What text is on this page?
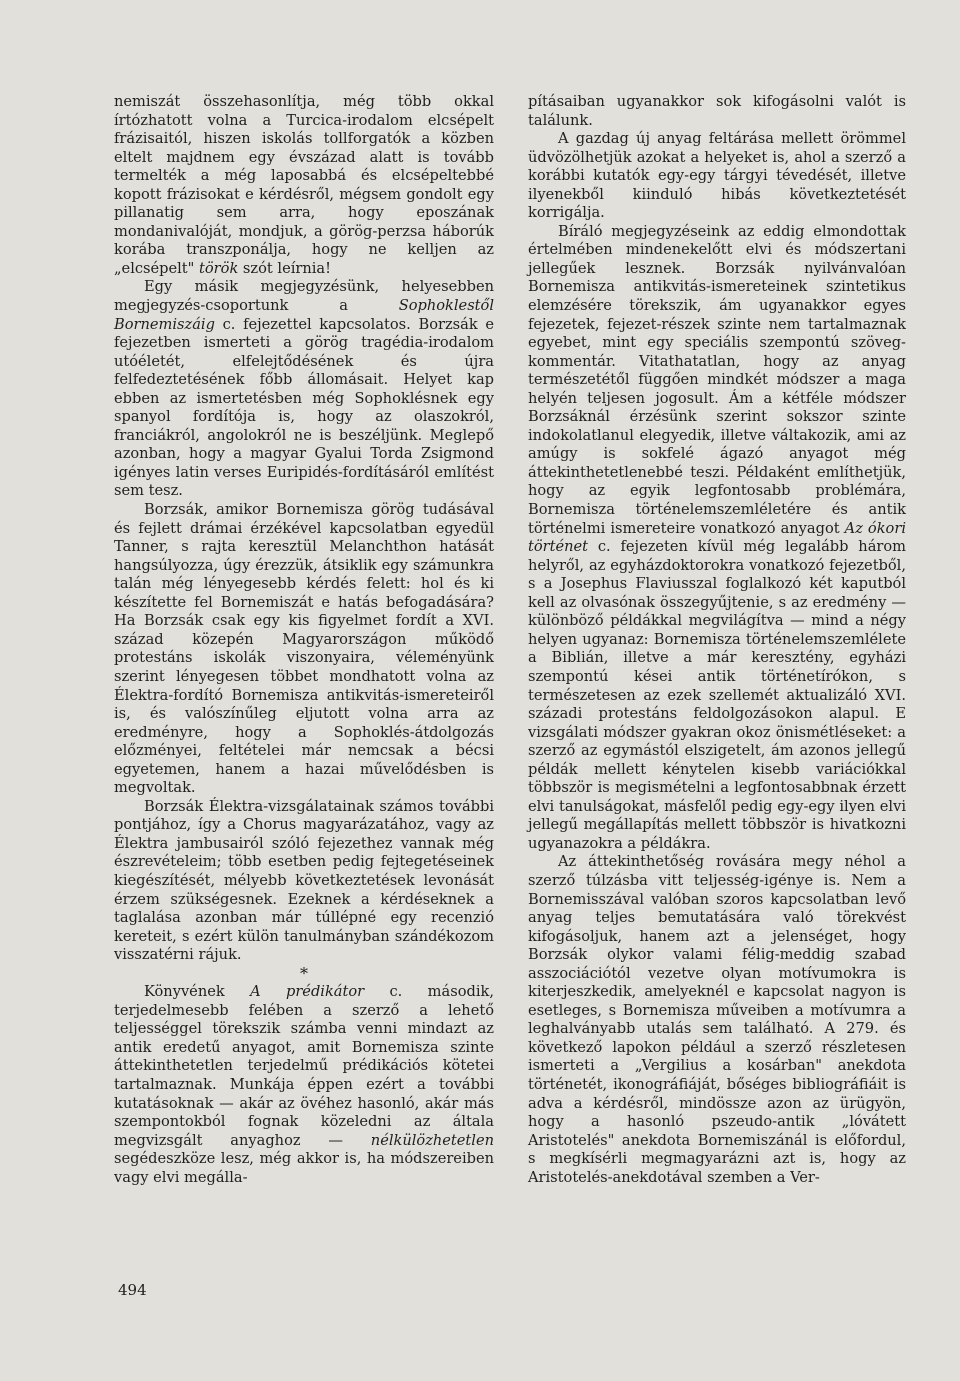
nemiszát összehasonlítja, még több okkal írtózhatott volna a Turcica-irodalom elcsépelt frázisaitól, hiszen iskolás tollforgatók a közben eltelt majdnem egy évszázad alatt is tovább termelték a még laposabbá és elcsépeltebbé kopott frázisokat e kérdésről, mégsem gondolt egy pillanatig sem arra, hogy eposzának mondanivalóját, mondjuk, a görög-perzsa háborúk korába transzponálja, hogy ne kelljen az „elcsépelt" török szót leírnia!

Egy másik megjegyzésünk, helyesebben megjegyzés-csoportunk a Sophoklestől Bornemiszáig c. fejezettel kapcsolatos. Borzsák e fejezetben ismerteti a görög tragédia-irodalom utóéletét, elfelejtődésének és újra felfedeztetésének főbb állomásait. Helyet kap ebben az ismertetésben még Sophoklésnek egy spanyol fordítója is, hogy az olaszokról, franciákról, angolokról ne is beszéljünk. Meglepő azonban, hogy a magyar Gyalui Torda Zsigmond igényes latin verses Euripidés-fordításáról említést sem tesz.

Borzsák, amikor Bornemisza görög tudásával és fejlett drámai érzékével kapcsolatban egyedül Tanner, s rajta keresztül Melanchthon hatását hangsúlyozza, úgy érezzük, átsiklik egy számunkra talán még lényegesebb kérdés felett: hol és ki készítette fel Bornemiszát e hatás befogadására? Ha Borzsák csak egy kis figyelmet fordít a XVI. század közepén Magyarországon működő protestáns iskolák viszonyaira, véleményünk szerint lényegesen többet mondhatott volna az Élektra-fordító Bornemisza antikvitás-ismereteiről is, és valószínűleg eljutott volna arra az eredményre, hogy a Sophoklés-átdolgozás előzményei, feltételei már nemcsak a bécsi egyetemen, hanem a hazai művelődésben is megvoltak.

Borzsák Élektra-vizsgálatainak számos további pontjához, így a Chorus magyarázatához, vagy az Élektra jambusairól szóló fejezethez vannak még észrevételeim; több esetben pedig fejtegetéseinek kiegészítését, mélyebb következtetések levonását érzem szükségesnek. Ezeknek a kérdéseknek a taglalása azonban már túllépné egy recenzió kereteit, s ezért külön tanulmányban szándékozom visszatérni rájuk.

*

Könyvének A prédikátor c. második, terjedelmesebb felében a szerző a lehető teljességgel törekszik számba venni mindazt az antik eredetű anyagot, amit Bornemisza szinte áttekinthetetlen terjedelmű prédikációs kötetei tartalmaznak. Munkája éppen ezért a további kutatásoknak — akár az övéhez hasonló, akár más szempontokból fognak közeledni az általa megvizsgált anyaghoz — nélkülözhetetlen segédeszköze lesz, még akkor is, ha módszereiben vagy elvi megálla-

pításaiban ugyanakkor sok kifogásolni valót is találunk.

A gazdag új anyag feltárása mellett örömmel üdvözölhetjük azokat a helyeket is, ahol a szerző a korábbi kutatók egy-egy tárgyi tévedését, illetve ilyenekből kiinduló hibás következtetését korrigálja.

Bíráló megjegyzéseink az eddig elmondottak értelmében mindenekelőtt elvi és módszertani jellegűek lesznek. Borzsák nyilvánvalóan Bornemisza antikvitás-ismereteinek szintetikus elemzésére törekszik, ám ugyanakkor egyes fejezetek, fejezet-részek szinte nem tartalmaznak egyebet, mint egy speciális szempontú szöveg-kommentár. Vitathatatlan, hogy az anyag természetétől függően mindkét módszer a maga helyén teljesen jogosult. Ám a kétféle módszer Borzsáknál érzésünk szerint sokszor szinte indokolatlanul elegyedik, illetve váltakozik, ami az amúgy is sokfelé ágazó anyagot még áttekinthetetlenebbé teszi. Példaként említhetjük, hogy az egyik legfontosabb problémára, Bornemisza történelemszemléletére és antik történelmi ismereteire vonatkozó anyagot Az ókori történet c. fejezeten kívül még legalább három helyről, az egyházdoktorokra vonatkozó fejezetből, s a Josephus Flaviusszal foglalkozó két kaputból kell az olvasónak összegyűjtenie, s az eredmény — különböző példákkal megvilágítva — mind a négy helyen ugyanaz: Bornemisza történelemszemlélete a Biblián, illetve a már keresztény, egyházi szempontú kései antik történetírókon, s természetesen az ezek szellemét aktualizáló XVI. századi protestáns feldolgozásokon alapul. E vizsgálati módszer gyakran okoz önismétléseket: a szerző az egymástól elszigetelt, ám azonos jellegű példák mellett kénytelen kisebb variációkkal többször is megismételni a legfontosabbnak érzett elvi tanulságokat, másfelől pedig egy-egy ilyen elvi jellegű megállapítás mellett többször is hivatkozni ugyanazokra a példákra.

Az áttekinthetőség rovására megy néhol a szerző túlzásba vitt teljesség-igénye is. Nem a Bornemisszával valóban szoros kapcsolatban levő anyag teljes bemutatására való törekvést kifogásoljuk, hanem azt a jelenséget, hogy Borzsák olykor valami félig-meddig szabad asszociációtól vezetve olyan motívumokra is kiterjeszkedik, amelyeknél e kapcsolat nagyon is esetleges, s Bornemisza műveiben a motívumra a leghalványabb utalás sem található. A 279. és következő lapokon például a szerző részletesen ismerteti a „Vergilius a kosárban" anekdota történetét, ikonográfiáját, bőséges bibliográfiáit is adva a kérdésről, mindössze azon az ürügyön, hogy a hasonló pszeudo-antik „lóvátett Aristotelés" anekdota Bornemiszánál is előfordul, s megkísérli megmagyarázni azt is, hogy az Aristotelés-anekdotával szemben a Ver-

494
